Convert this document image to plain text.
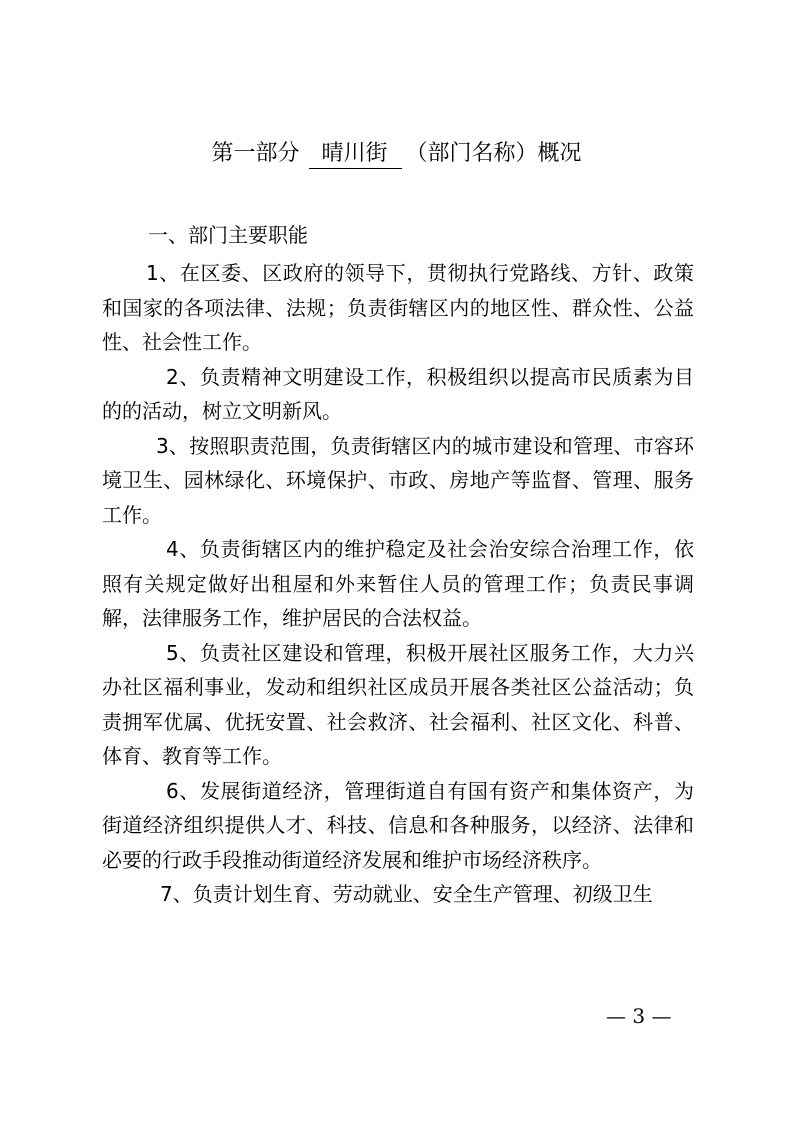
第一部分 晴川街 （部门名称）概况
一、部门主要职能

1、在区委、区政府的领导下，贯彻执行党路线、方针、政策和国家的各项法律、法规；负责街辖区内的地区性、群众性、公益性、社会性工作。

2、负责精神文明建设工作，积极组织以提高市民质素为目的的活动，树立文明新风。

3、按照职责范围，负责街辖区内的城市建设和管理、市容环境卫生、园林绿化、环境保护、市政、房地产等监督、管理、服务工作。

4、负责街辖区内的维护稳定及社会治安综合治理工作，依照有关规定做好出租屋和外来暂住人员的管理工作；负责民事调解，法律服务工作，维护居民的合法权益。

5、负责社区建设和管理，积极开展社区服务工作，大力兴办社区福利事业，发动和组织社区成员开展各类社区公益活动；负责拥军优属、优抚安置、社会救济、社会福利、社区文化、科普、体育、教育等工作。

6、发展街道经济，管理街道自有国有资产和集体资产，为街道经济组织提供人才、科技、信息和各种服务，以经济、法律和必要的行政手段推动街道经济发展和维护市场经济秩序。

7、负责计划生育、劳动就业、安全生产管理、初级卫生

— 3 —
